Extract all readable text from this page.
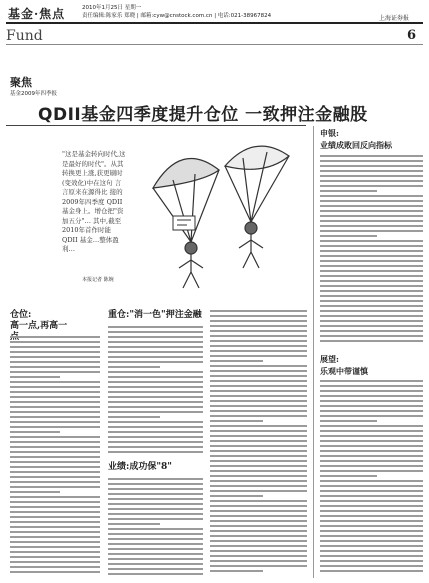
基金·焦点	2010年1月25日 星期一
责任编辑:陈家乐 郑晓 | 邮箱:cyw@cnstock.com.cn | 电话:021-38967824	上海证券报
Fund	6
聚焦
基金2009年四季报
QDII基金四季度提升仓位 一致押注金融股
"这是基金转向时代,这是最好的时代"。从其转换更上涨,获更刷时(变效化)中在这句 言言原来在源得比 接的 2009年四季度 QDII 基金身上。增仓把"资加五分"… 其中,截至2010年首作时能 QDII 基金…整体盈利…
本报记者 陈婉
申银:
业绩成败回反向指标
展望:
乐观中带谨慎
仓位:
高一点,再高一
重仓:"消一色"押注金融
业绩:成功保"8"
